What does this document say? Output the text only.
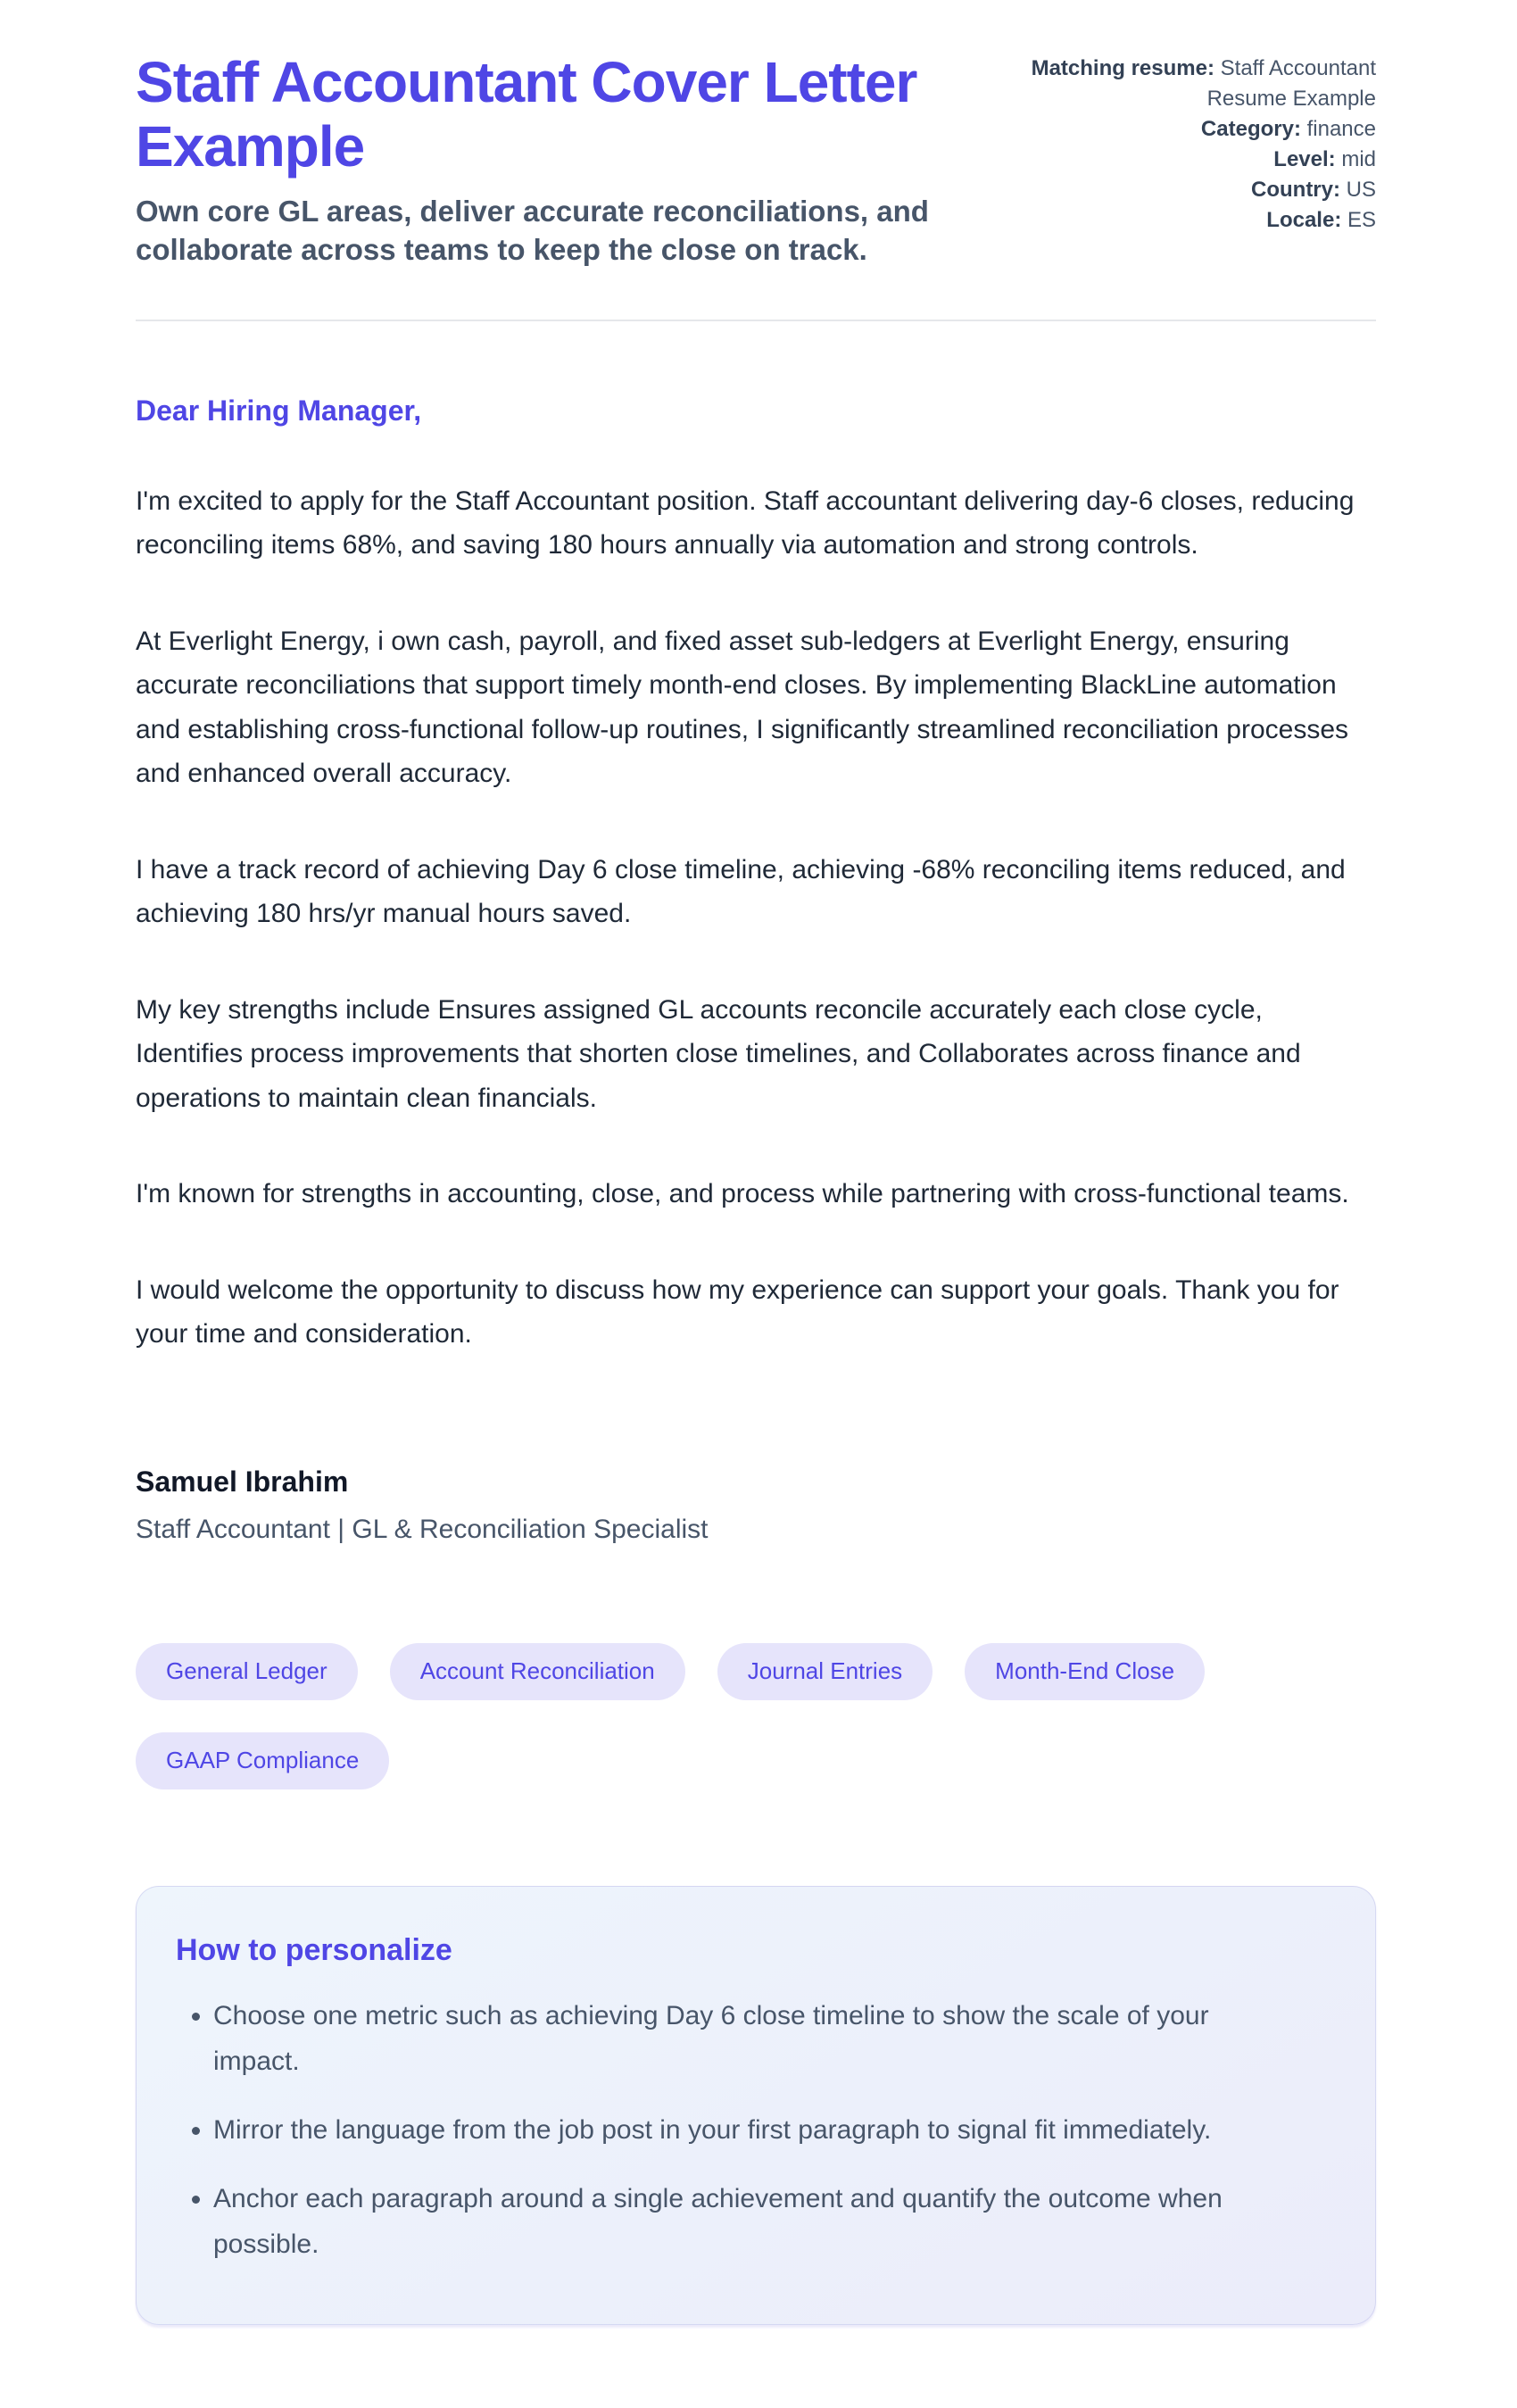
Staff Accountant Cover Letter Example

Own core GL areas, deliver accurate reconciliations, and collaborate across teams to keep the close on track.

Matching resume: Staff Accountant Resume Example
Category: finance
Level: mid
Country: US
Locale: ES

Dear Hiring Manager,

I'm excited to apply for the Staff Accountant position. Staff accountant delivering day-6 closes, reducing reconciling items 68%, and saving 180 hours annually via automation and strong controls.

At Everlight Energy, i own cash, payroll, and fixed asset sub-ledgers at Everlight Energy, ensuring accurate reconciliations that support timely month-end closes. By implementing BlackLine automation and establishing cross-functional follow-up routines, I significantly streamlined reconciliation processes and enhanced overall accuracy.

I have a track record of achieving Day 6 close timeline, achieving -68% reconciling items reduced, and achieving 180 hrs/yr manual hours saved.

My key strengths include Ensures assigned GL accounts reconcile accurately each close cycle, Identifies process improvements that shorten close timelines, and Collaborates across finance and operations to maintain clean financials.

I'm known for strengths in accounting, close, and process while partnering with cross-functional teams.

I would welcome the opportunity to discuss how my experience can support your goals. Thank you for your time and consideration.

Samuel Ibrahim

Staff Accountant | GL & Reconciliation Specialist

General Ledger	Account Reconciliation	Journal Entries	Month-End Close
GAAP Compliance
How to personalize
• Choose one metric such as achieving Day 6 close timeline to show the scale of your impact.
• Mirror the language from the job post in your first paragraph to signal fit immediately.
• Anchor each paragraph around a single achievement and quantify the outcome when possible.
